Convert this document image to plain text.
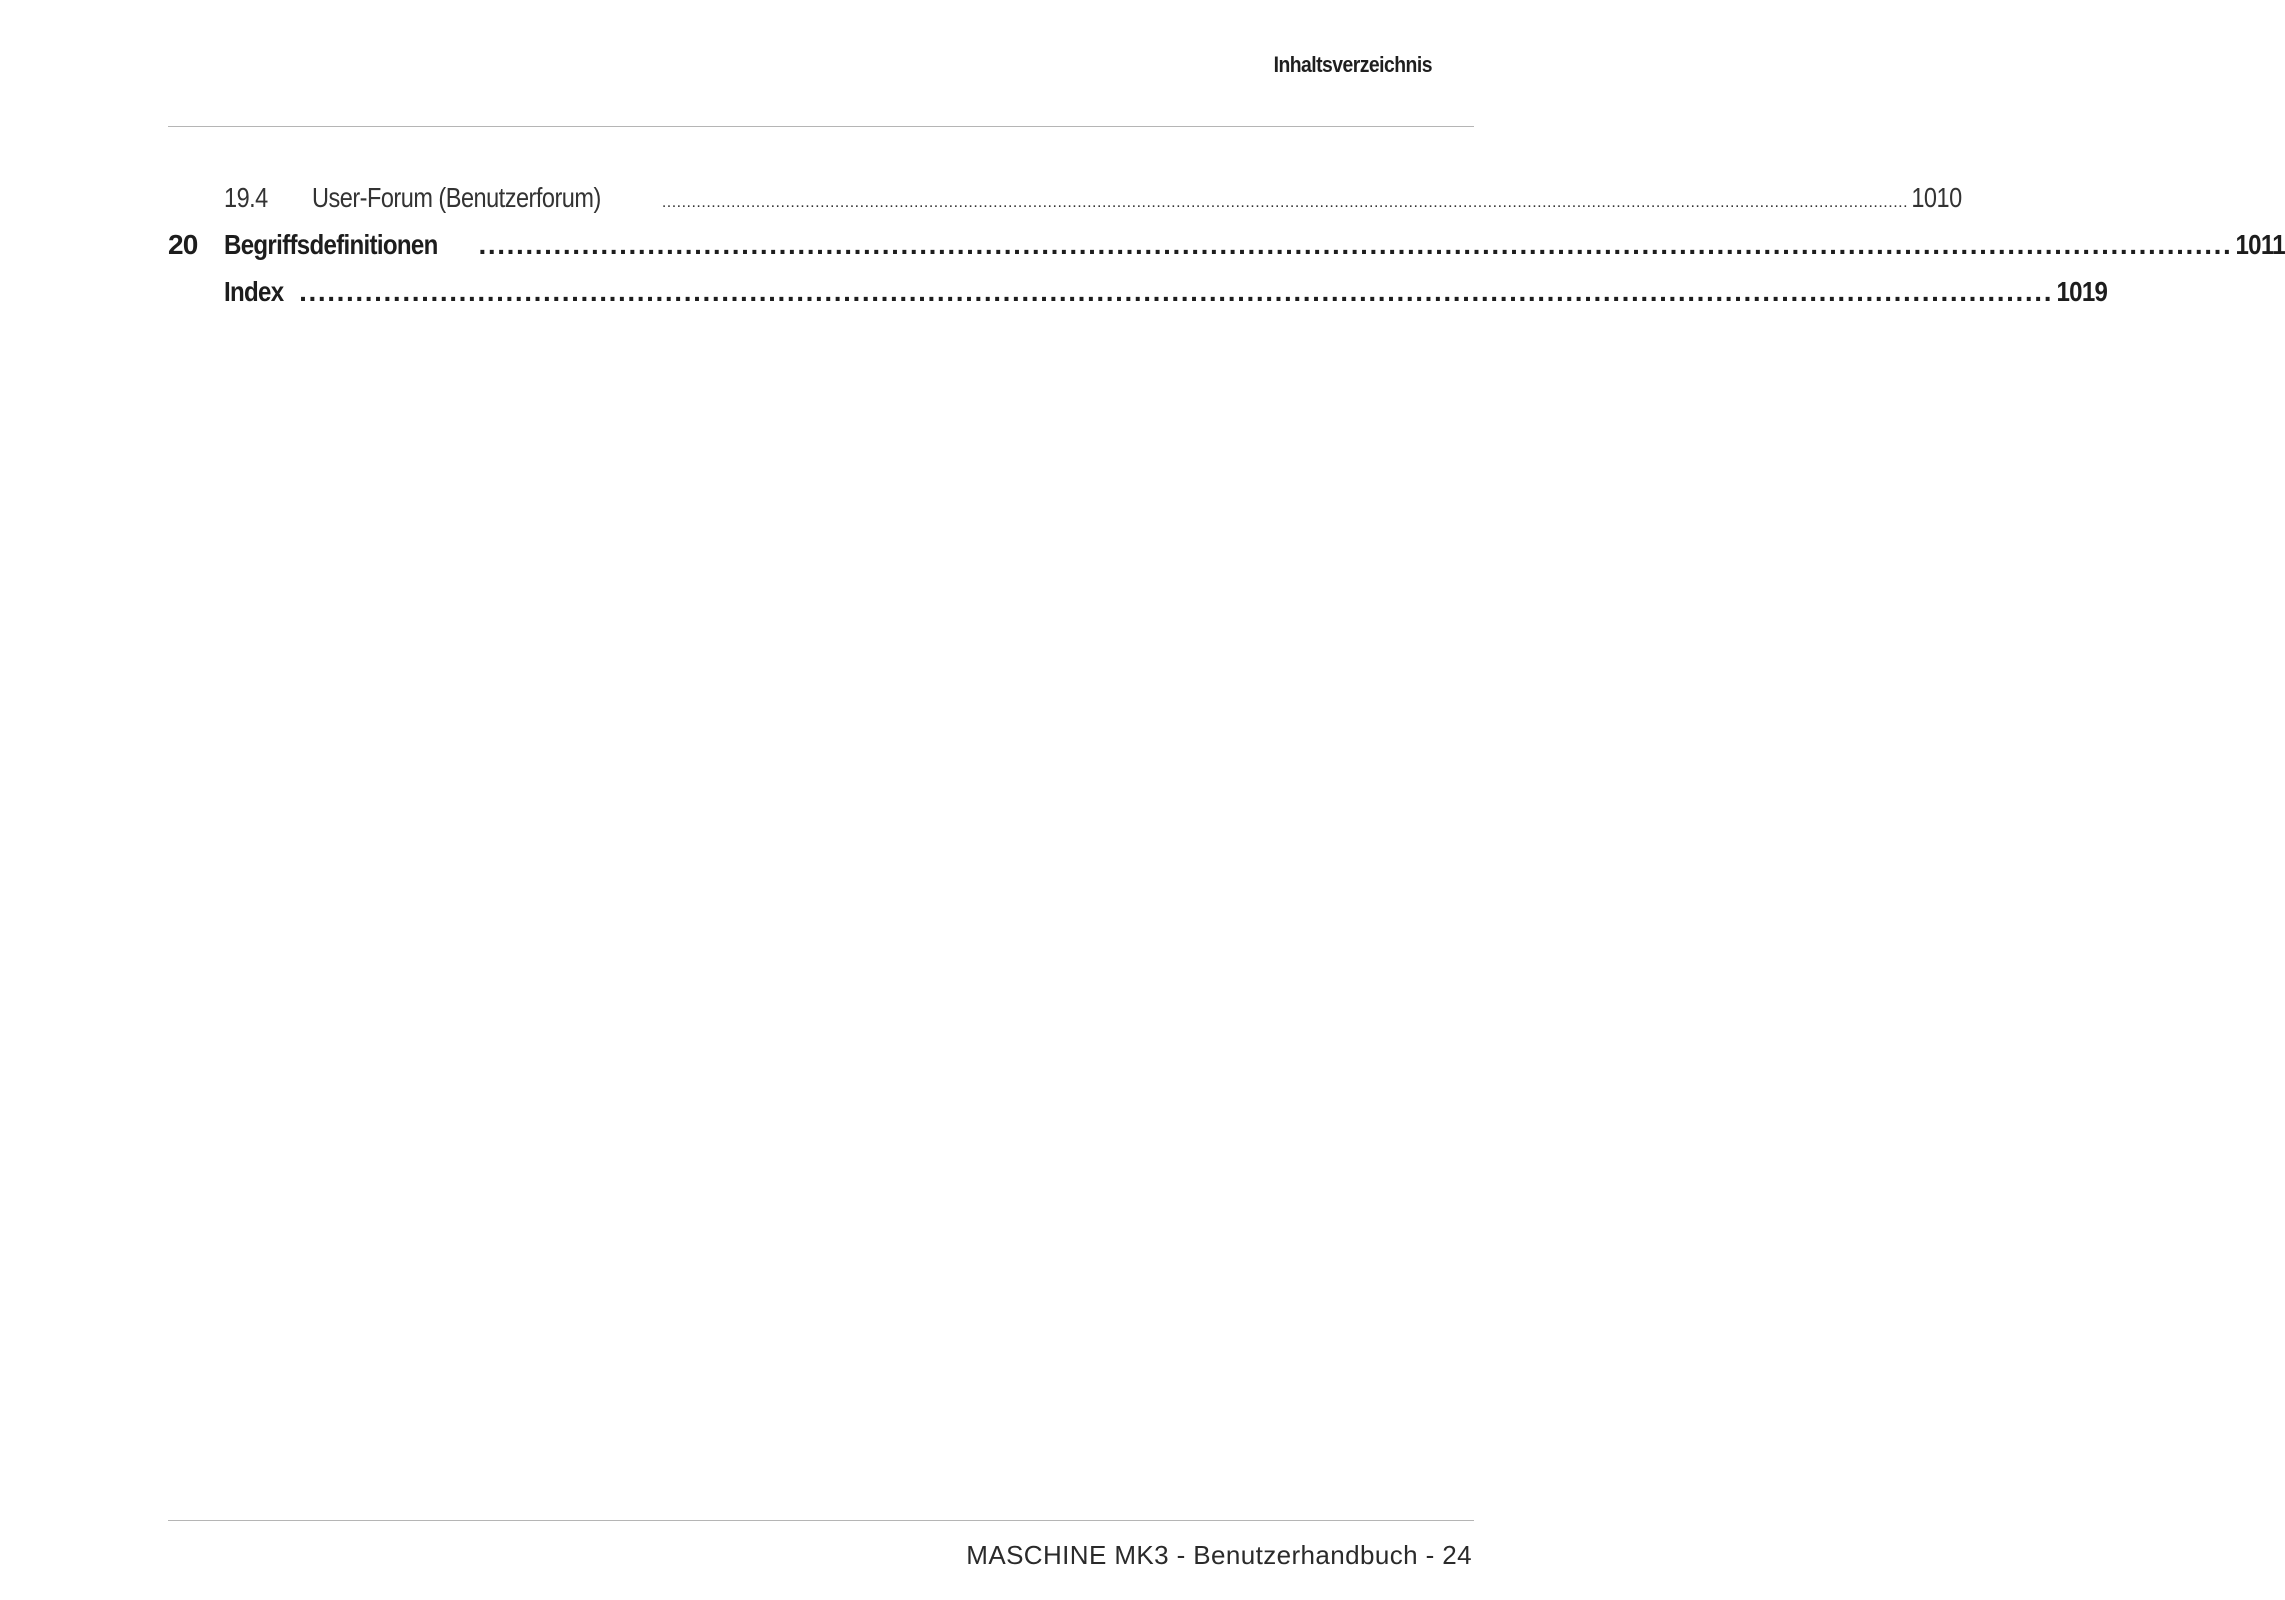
Inhaltsverzeichnis
19.4	User-Forum (Benutzerforum)	............................................................................................................................................................................................................................................................ 1010
20 Begriffsdefinitionen ........................................................................................................................................................................................... 1011
Index ........................................................................................................................................................................................... 1019
MASCHINE MK3 - Benutzerhandbuch - 24
